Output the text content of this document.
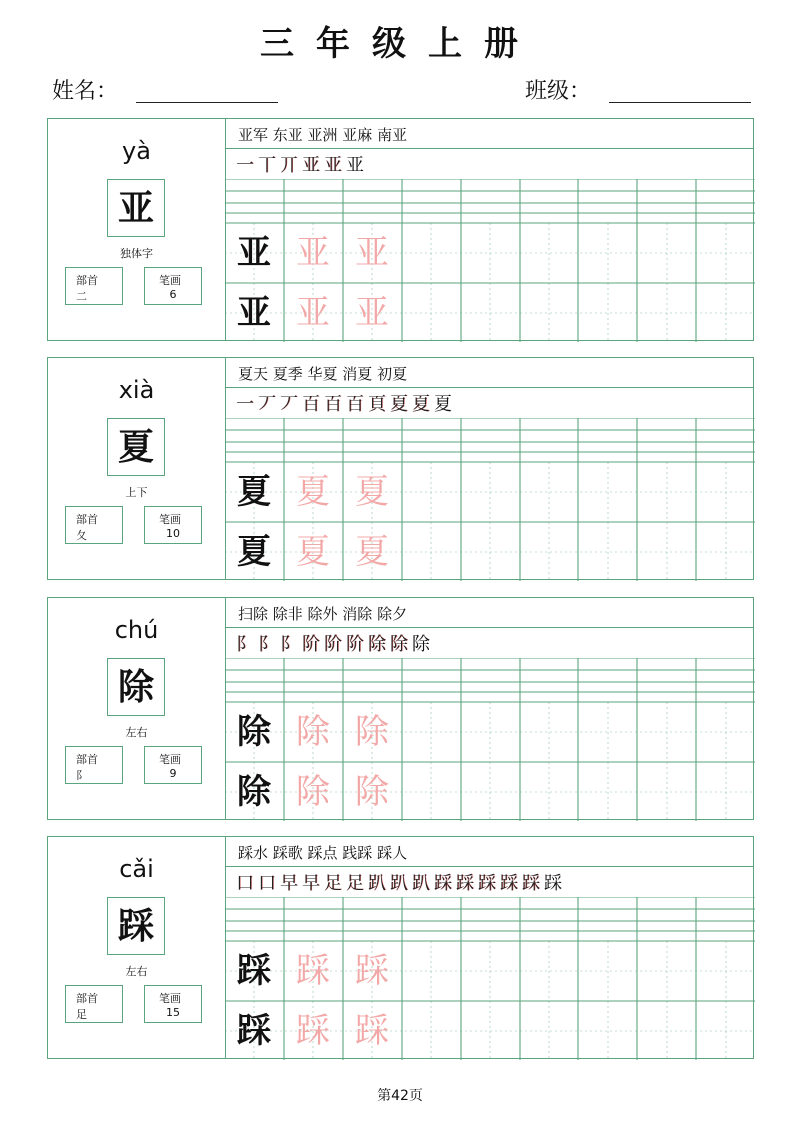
三年级上册
姓名：	班级：
yà
亚
独体字
部首
二
笔画
6
亚军 东亚 亚洲 亚麻 南亚
一 丅 丌 亚 亚 亚
亚 亚 亚
亚 亚 亚
xià
夏
上下
部首
夂
笔画
10
夏天 夏季 华夏 消夏 初夏
一 丆 丆 百 百 百 頁 夏 夏 夏
夏 夏 夏
夏 夏 夏
chú
除
左右
部首
阝
笔画
9
扫除 除非 除外 消除 除夕
阝 阝 阝 阶 阶 阶 除 除 除
除 除 除
除 除 除
cǎi
踩
左右
部首
足
笔画
15
踩水 踩歌 踩点 践踩 踩人
口 口 早 早 足 足 趴 趴 趴 踩 踩 踩 踩 踩 踩
踩 踩 踩
踩 踩 踩
第42页
